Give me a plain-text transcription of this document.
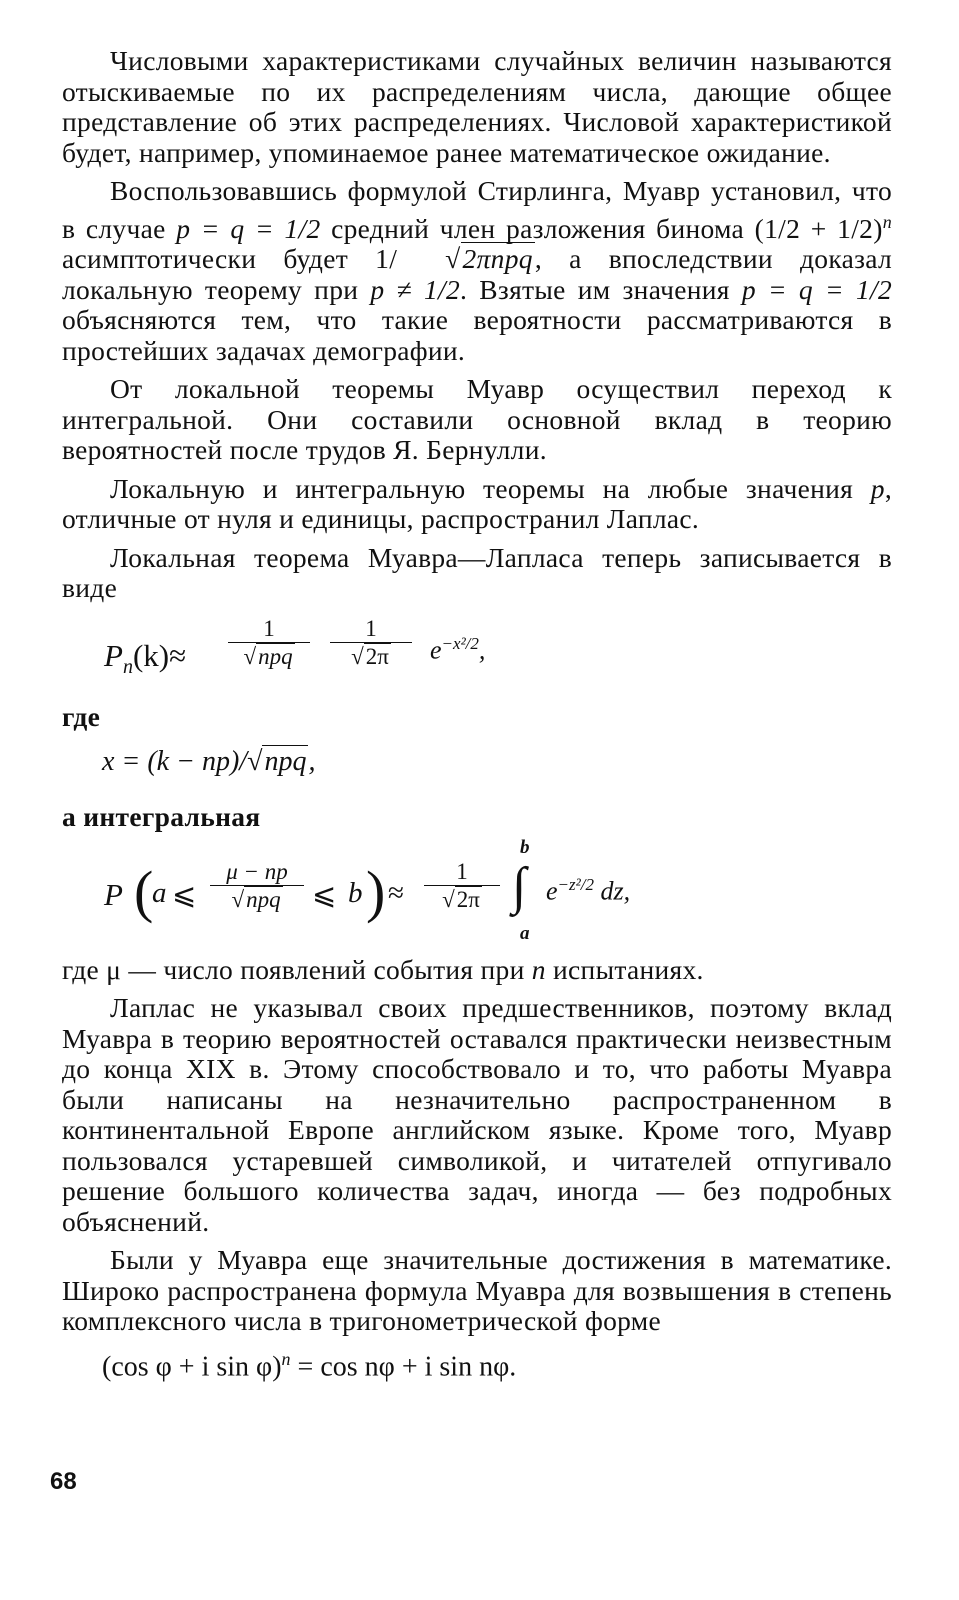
Числовыми характеристиками случайных величин называются отыскиваемые по их распределениям числа, дающие общее представление об этих распределениях. Числовой характеристикой будет, например, упоминаемое ранее математическое ожидание.

Воспользовавшись формулой Стирлинга, Муавр установил, что в случае p = q = 1/2 средний член разложения бинома $(1/2 + 1/2)^n$ асимптотически будет 1/ √2πnpq, а впоследствии доказал локальную теорему при p ≠ 1/2. Взятые им значения p = q = 1/2 объясняются тем, что такие вероятности рассматриваются в простейших задачах демографии.

От локальной теоремы Муавр осуществил переход к интегральной. Они составили основной вклад в теорию вероятностей после трудов Я. Бернулли.

Локальную и интегральную теоремы на любые значения p, отличные от нуля и единицы, распространил Лаплас.

Локальная теорема Муавра—Лапласа теперь записывается в виде

$P_n(k)\approx$
1
√npq
1
√2π	$e^{-x^2/2}$,

где

x = (k − np)/√npq,

а интегральная

P (
a ⩽
μ − np
√npq	⩽ b ) ≈
1
√2π
b
∫
a
$e^{-z^2/2}$ dz,

где μ — число появлений события при n испытаниях.

Лаплас не указывал своих предшественников, поэтому вклад Муавра в теорию вероятностей оставался практически неизвестным до конца XIX в. Этому способствовало и то, что работы Муавра были написаны на незначительно распространенном в континентальной Европе английском языке. Кроме того, Муавр пользовался устаревшей символикой, и читателей отпугивало решение большого количества задач, иногда — без подробных объяснений.

Были у Муавра еще значительные достижения в математике. Широко распространена формула Муавра для возвышения в степень комплексного числа в тригонометрической форме

(cos φ + i sin φ)$^n$ = cos nφ + i sin nφ.
68
